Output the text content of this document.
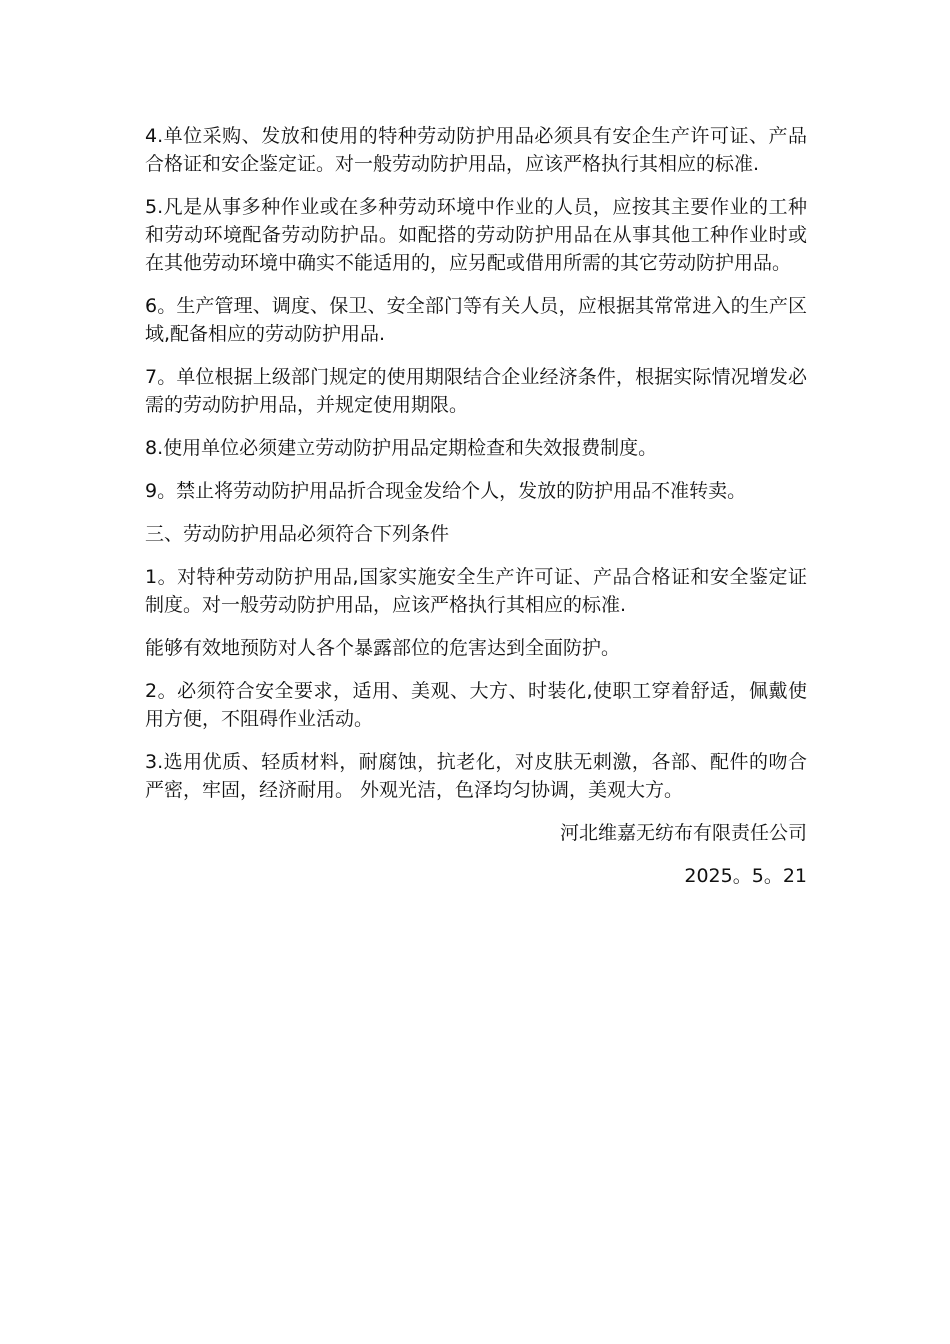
4.单位采购、发放和使用的特种劳动防护用品必须具有安企生产许可证、产品合格证和安企鉴定证。对一般劳动防护用品，应该严格执行其相应的标准.

5.凡是从事多种作业或在多种劳动环境中作业的人员，应按其主要作业的工种和劳动环境配备劳动防护品。如配搭的劳动防护用品在从事其他工种作业时或在其他劳动环境中确实不能适用的，应另配或借用所需的其它劳动防护用品。

6。生产管理、调度、保卫、安全部门等有关人员，应根据其常常进入的生产区域,配备相应的劳动防护用品.

7。单位根据上级部门规定的使用期限结合企业经济条件，根据实际情况增发必需的劳动防护用品，并规定使用期限。

8.使用单位必须建立劳动防护用品定期检查和失效报费制度。

9。禁止将劳动防护用品折合现金发给个人，发放的防护用品不准转卖。

三、劳动防护用品必须符合下列条件

1。对特种劳动防护用品,国家实施安全生产许可证、产品合格证和安全鉴定证制度。对一般劳动防护用品，应该严格执行其相应的标准.

能够有效地预防对人各个暴露部位的危害达到全面防护。

2。必须符合安全要求，适用、美观、大方、时装化,使职工穿着舒适，佩戴使用方便，不阻碍作业活动。

3.选用优质、轻质材料，耐腐蚀，抗老化，对皮肤无刺激，各部、配件的吻合严密，牢固，经济耐用。 外观光洁，色泽均匀协调，美观大方。

河北维嘉无纺布有限责任公司

2025。5。21
